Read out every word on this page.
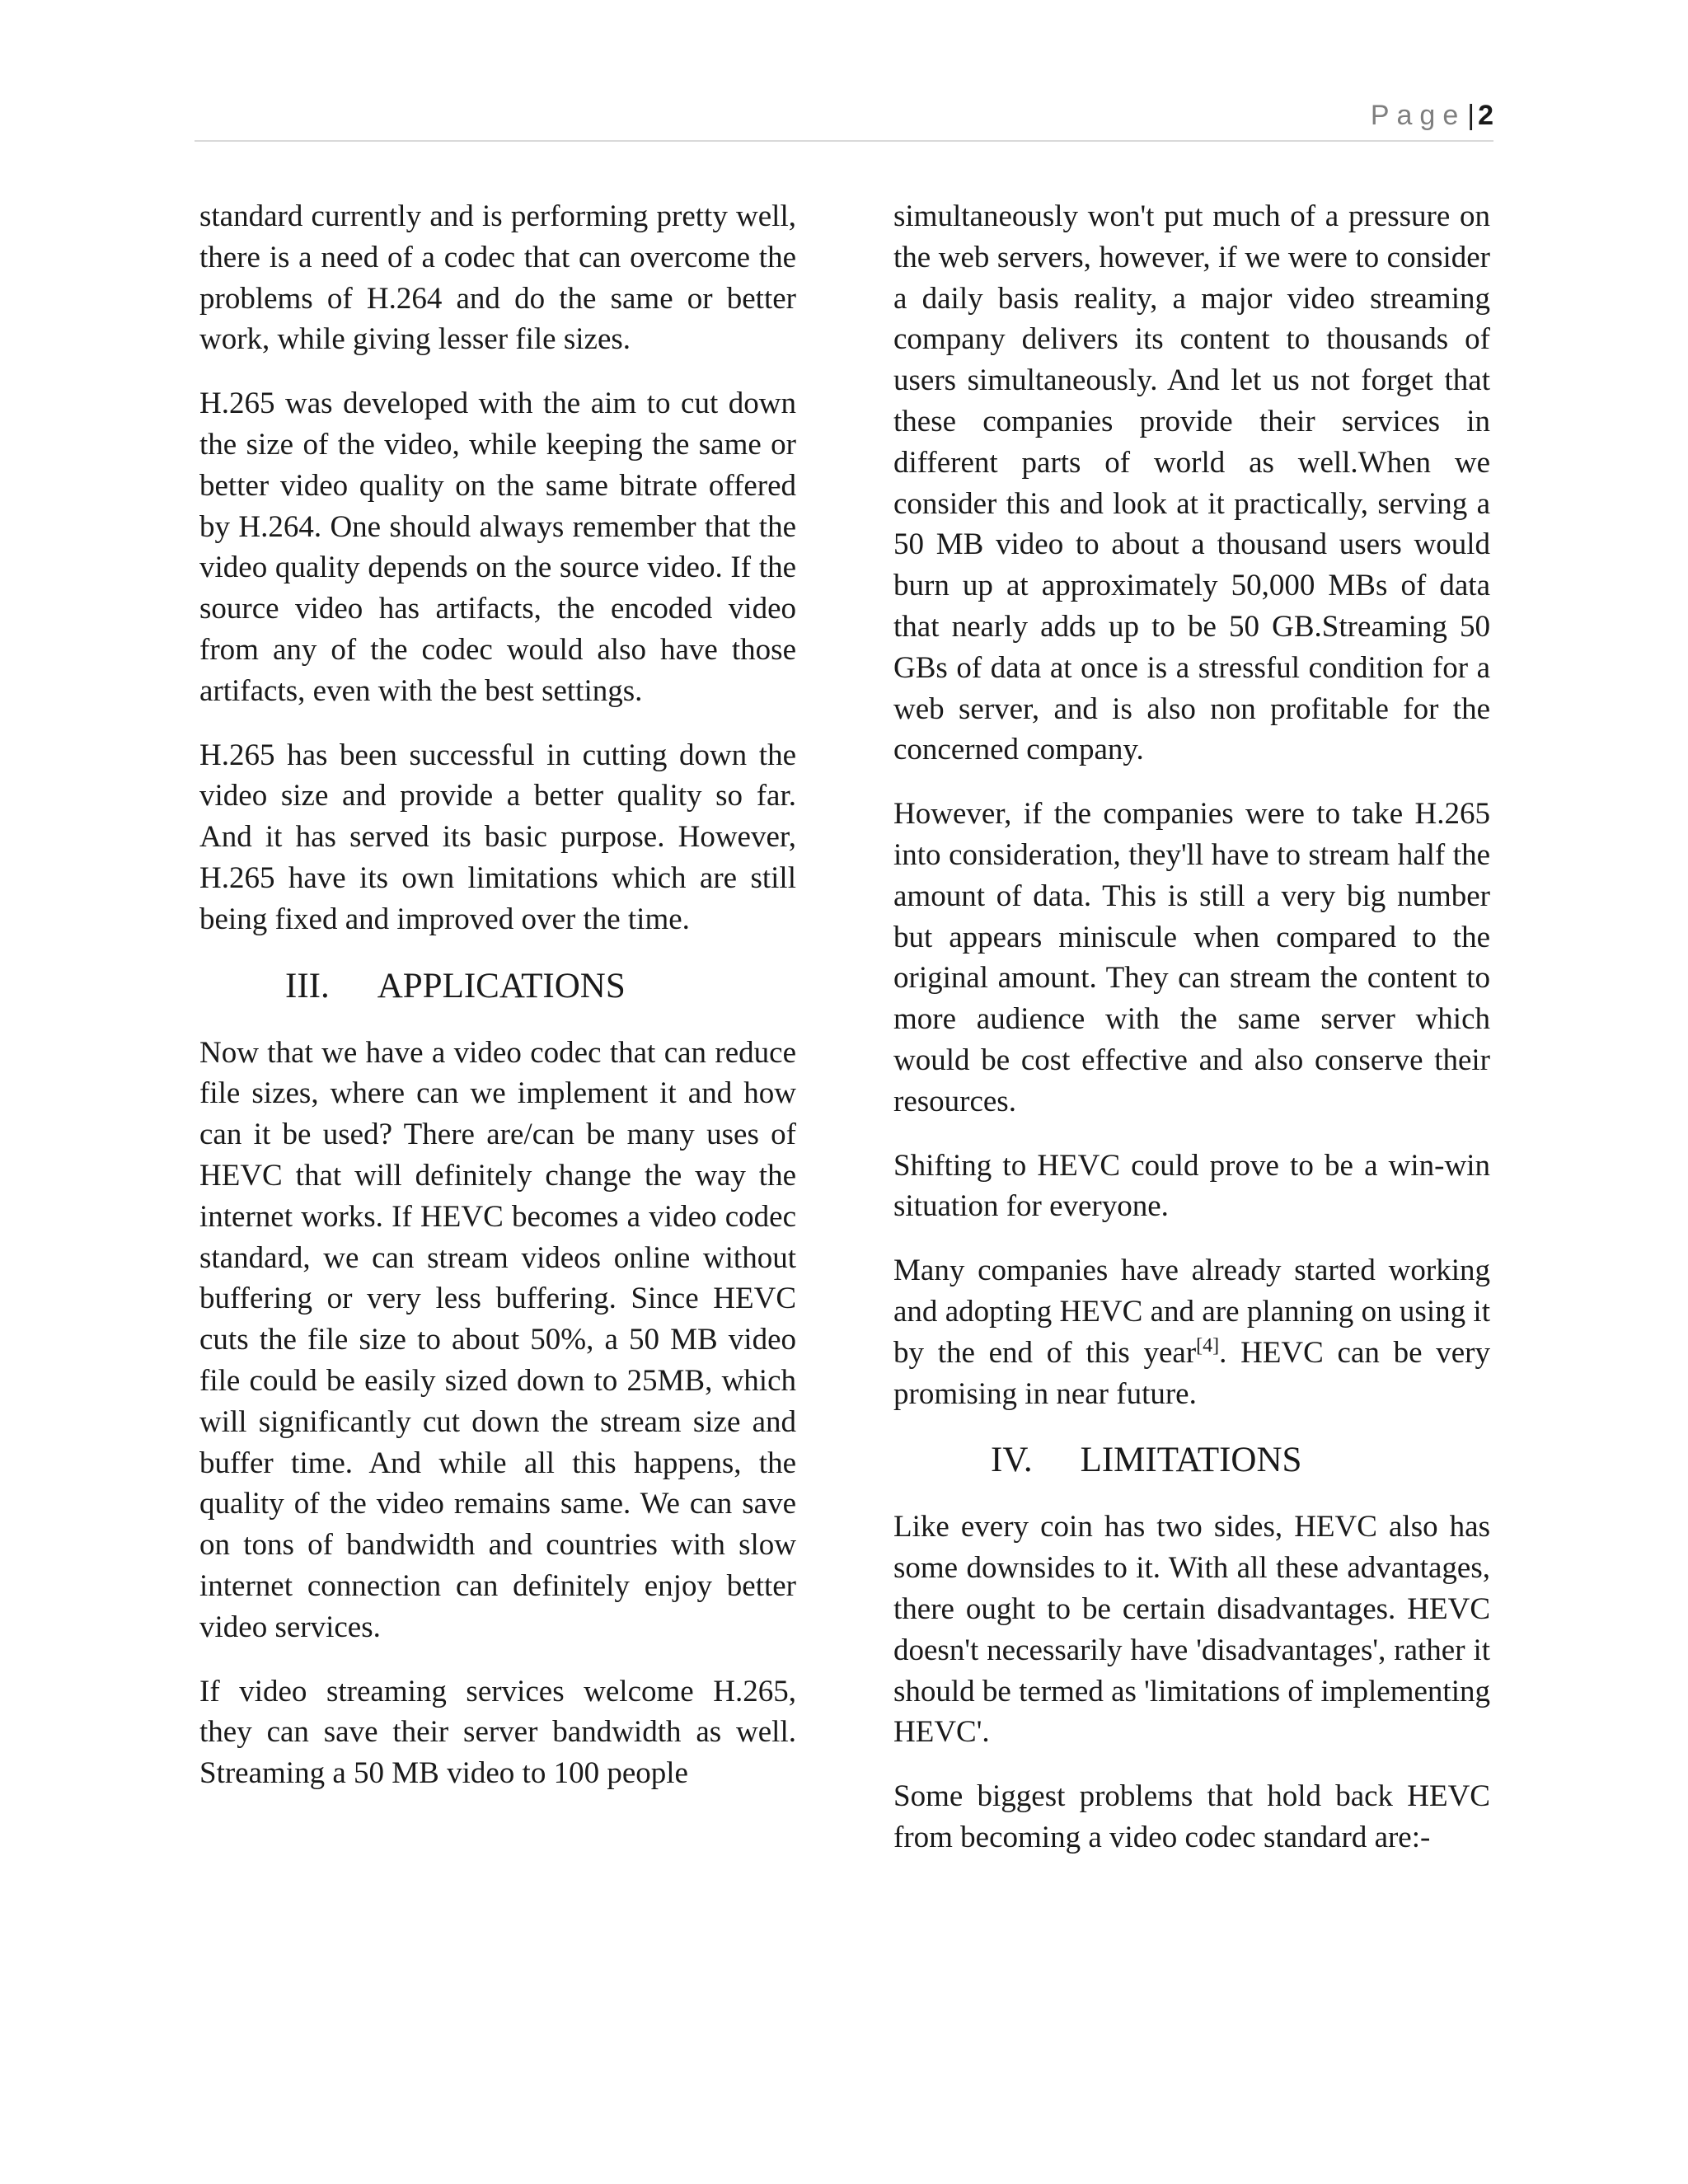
Page| 2

standard currently and is performing pretty well, there is a need of a codec that can overcome the problems of H.264 and do the same or better work, while giving lesser file sizes.

H.265 was developed with the aim to cut down the size of the video, while keeping the same or better video quality on the same bitrate offered by H.264. One should always remember that the video quality depends on the source video. If the source video has artifacts, the encoded video from any of the codec would also have those artifacts, even with the best settings.

H.265 has been successful in cutting down the video size and provide a better quality so far. And it has served its basic purpose. However, H.265 have its own limitations which are still being fixed and improved over the time.

III. APPLICATIONS

Now that we have a video codec that can reduce file sizes, where can we implement it and how can it be used? There are/can be many uses of HEVC that will definitely change the way the internet works. If HEVC becomes a video codec standard, we can stream videos online without buffering or very less buffering. Since HEVC cuts the file size to about 50%, a 50 MB video file could be easily sized down to 25MB, which will significantly cut down the stream size and buffer time. And while all this happens, the quality of the video remains same. We can save on tons of bandwidth and countries with slow internet connection can definitely enjoy better video services.

If video streaming services welcome H.265, they can save their server bandwidth as well. Streaming a 50 MB video to 100 people

simultaneously won't put much of a pressure on the web servers, however, if we were to consider a daily basis reality, a major video streaming company delivers its content to thousands of users simultaneously. And let us not forget that these companies provide their services in different parts of world as well.When we consider this and look at it practically, serving a 50 MB video to about a thousand users would burn up at approximately 50,000 MBs of data that nearly adds up to be 50 GB.Streaming 50 GBs of data at once is a stressful condition for a web server, and is also non profitable for the concerned company.

However, if the companies were to take H.265 into consideration, they'll have to stream half the amount of data. This is still a very big number but appears miniscule when compared to the original amount. They can stream the content to more audience with the same server which would be cost effective and also conserve their resources.

Shifting to HEVC could prove to be a win-win situation for everyone.

Many companies have already started working and adopting HEVC and are planning on using it by the end of this year[4]. HEVC can be very promising in near future.

IV. LIMITATIONS

Like every coin has two sides, HEVC also has some downsides to it. With all these advantages, there ought to be certain disadvantages. HEVC doesn't necessarily have 'disadvantages', rather it should be termed as 'limitations of implementing HEVC'.

Some biggest problems that hold back HEVC from becoming a video codec standard are:-
